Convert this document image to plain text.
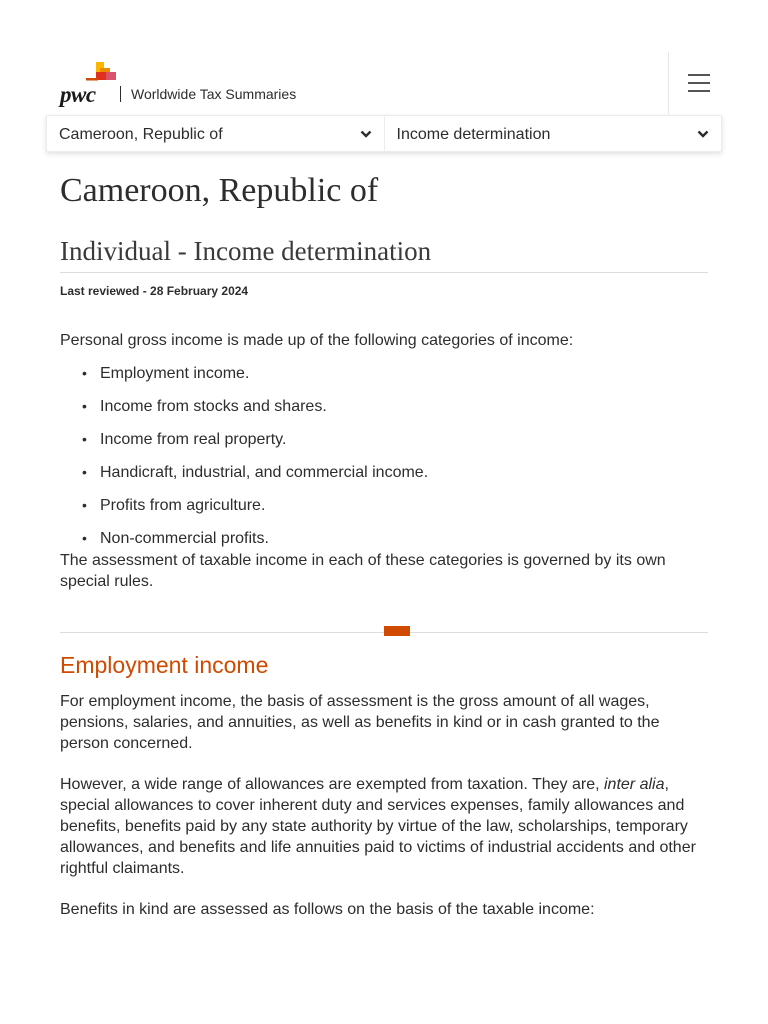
pwc	Worldwide Tax Summaries
Cameroon, Republic of	Income determination
Cameroon, Republic of
Individual - Income determination
Last reviewed - 28 February 2024

Personal gross income is made up of the following categories of income:

• Employment income.
• Income from stocks and shares.
• Income from real property.
• Handicraft, industrial, and commercial income.
• Profits from agriculture.
• Non-commercial profits.

The assessment of taxable income in each of these categories is governed by its own special rules.

Employment income

For employment income, the basis of assessment is the gross amount of all wages, pensions, salaries, and annuities, as well as benefits in kind or in cash granted to the person concerned.

However, a wide range of allowances are exempted from taxation. They are, inter alia, special allowances to cover inherent duty and services expenses, family allowances and benefits, benefits paid by any state authority by virtue of the law, scholarships, temporary allowances, and benefits and life annuities paid to victims of industrial accidents and other rightful claimants.

Benefits in kind are assessed as follows on the basis of the taxable income:
